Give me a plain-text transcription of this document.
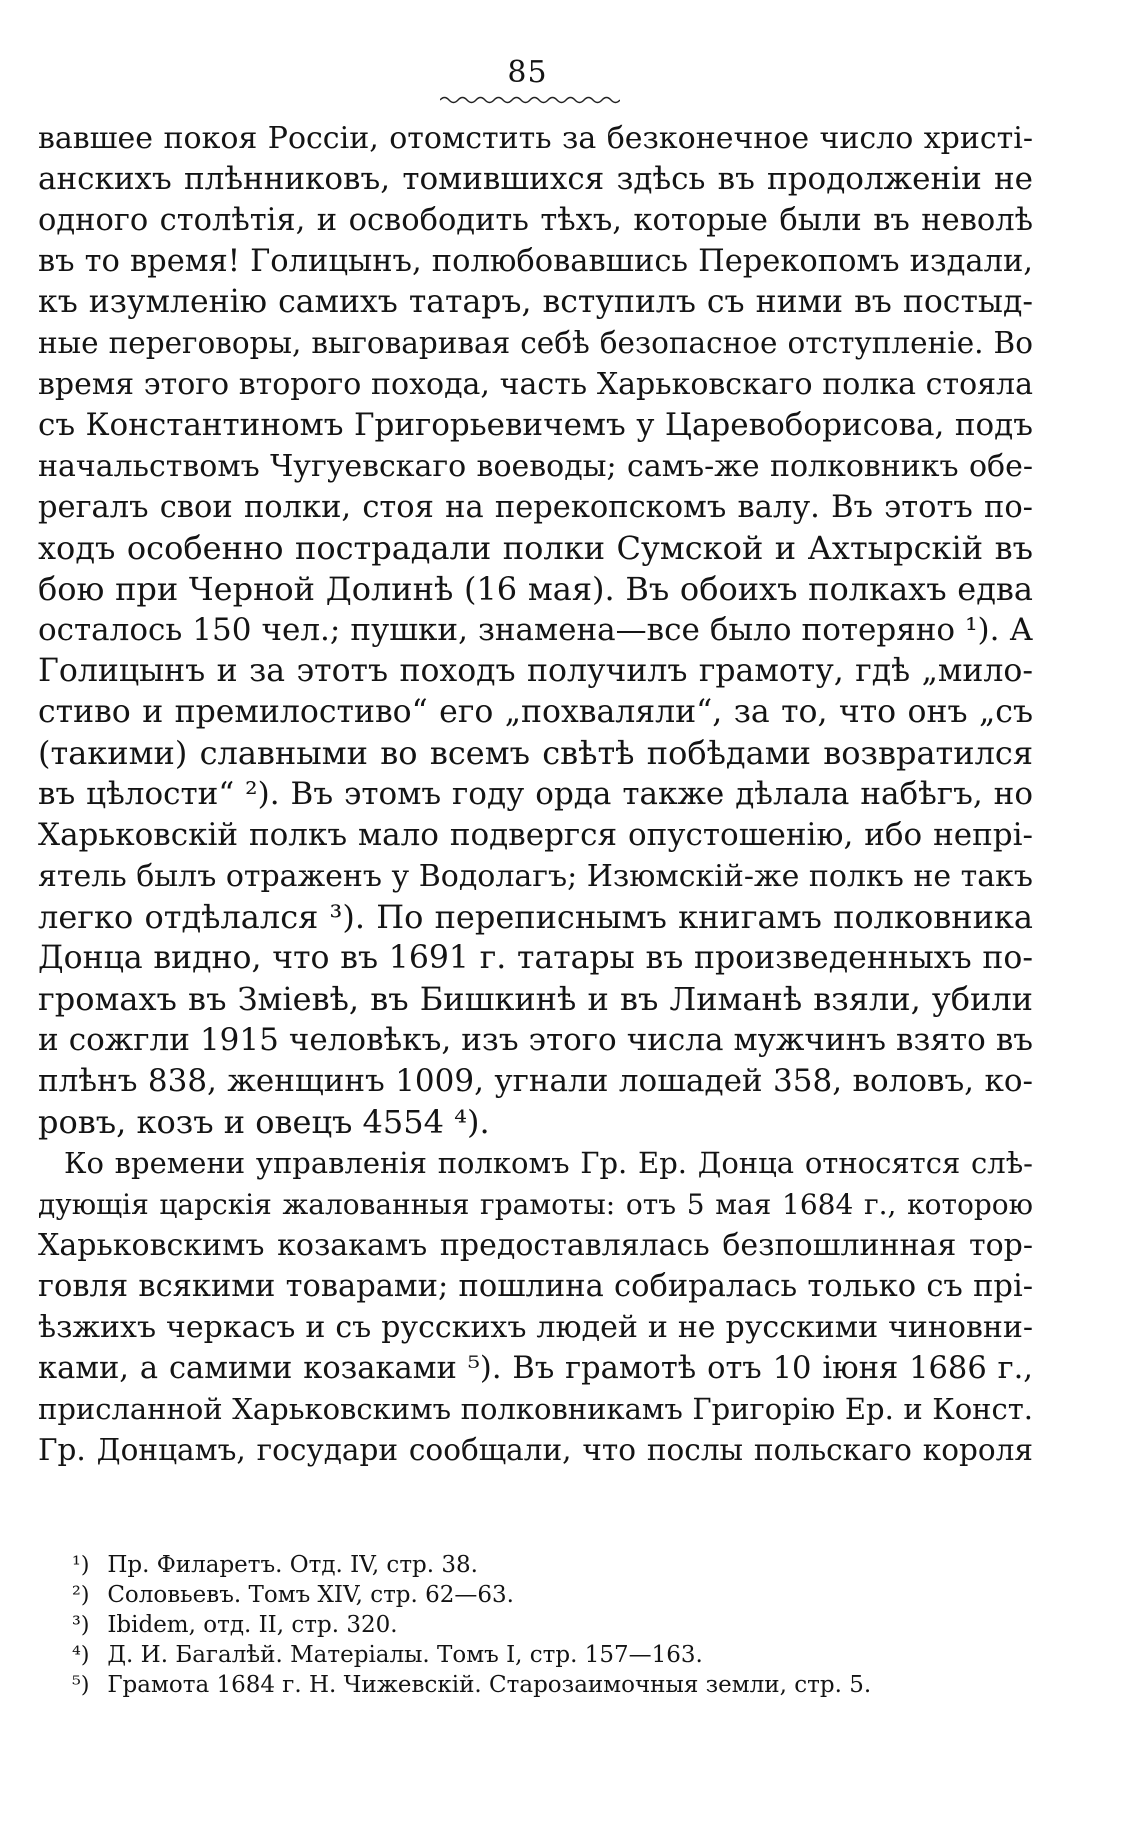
85
вавшее покоя Россіи, отомстить за безконечное число христі-
анскихъ плѣнниковъ, томившихся здѣсь въ продолженіи не
одного столѣтія, и освободить тѣхъ, которые были въ неволѣ
въ то время! Голицынъ, полюбовавшись Перекопомъ издали,
къ изумленію самихъ татаръ, вступилъ съ ними въ постыд-
ные переговоры, выговаривая себѣ безопасное отступленіе. Во
время этого второго похода, часть Харьковскаго полка стояла
съ Константиномъ Григорьевичемъ у Царевоборисова, подъ
начальствомъ Чугуевскаго воеводы; самъ-же полковникъ обе-
регалъ свои полки, стоя на перекопскомъ валу. Въ этотъ по-
ходъ особенно пострадали полки Сумской и Ахтырскій въ
бою при Черной Долинѣ (16 мая). Въ обоихъ полкахъ едва
осталось 150 чел.; пушки, знамена—все было потеряно ¹). А
Голицынъ и за этотъ походъ получилъ грамоту, гдѣ „мило-
стиво и премилостиво“ его „похваляли“, за то, что онъ „съ
(такими) славными во всемъ свѣтѣ побѣдами возвратился
въ цѣлости“ ²). Въ этомъ году орда также дѣлала набѣгъ, но
Харьковскій полкъ мало подвергся опустошенію, ибо непрі-
ятель былъ отраженъ у Водолагъ; Изюмскій-же полкъ не такъ
легко отдѣлался ³). По переписнымъ книгамъ полковника
Донца видно, что въ 1691 г. татары въ произведенныхъ по-
громахъ въ Зміевѣ, въ Бишкинѣ и въ Лиманѣ взяли, убили
и сожгли 1915 человѣкъ, изъ этого числа мужчинъ взято въ
плѣнъ 838, женщинъ 1009, угнали лошадей 358, воловъ, ко-
ровъ, козъ и овецъ 4554 ⁴).
Ко времени управленія полкомъ Гр. Ер. Донца относятся слѣ-
дующія царскія жалованныя грамоты: отъ 5 мая 1684 г., которою
Харьковскимъ козакамъ предоставлялась безпошлинная тор-
говля всякими товарами; пошлина собиралась только съ прі-
ѣзжихъ черкасъ и съ русскихъ людей и не русскими чиновни-
ками, а самими козаками ⁵). Въ грамотѣ отъ 10 іюня 1686 г.,
присланной Харьковскимъ полковникамъ Григорію Ер. и Конст.
Гр. Донцамъ, государи сообщали, что послы польскаго короля
¹) Пр. Филаретъ. Отд. IV, стр. 38.
²) Соловьевъ. Томъ XIV, стр. 62—63.
³) Ibidem, отд. II, стр. 320.
⁴) Д. И. Багалѣй. Матеріалы. Томъ I, стр. 157—163.
⁵) Грамота 1684 г. Н. Чижевскій. Старозаимочныя земли, стр. 5.
